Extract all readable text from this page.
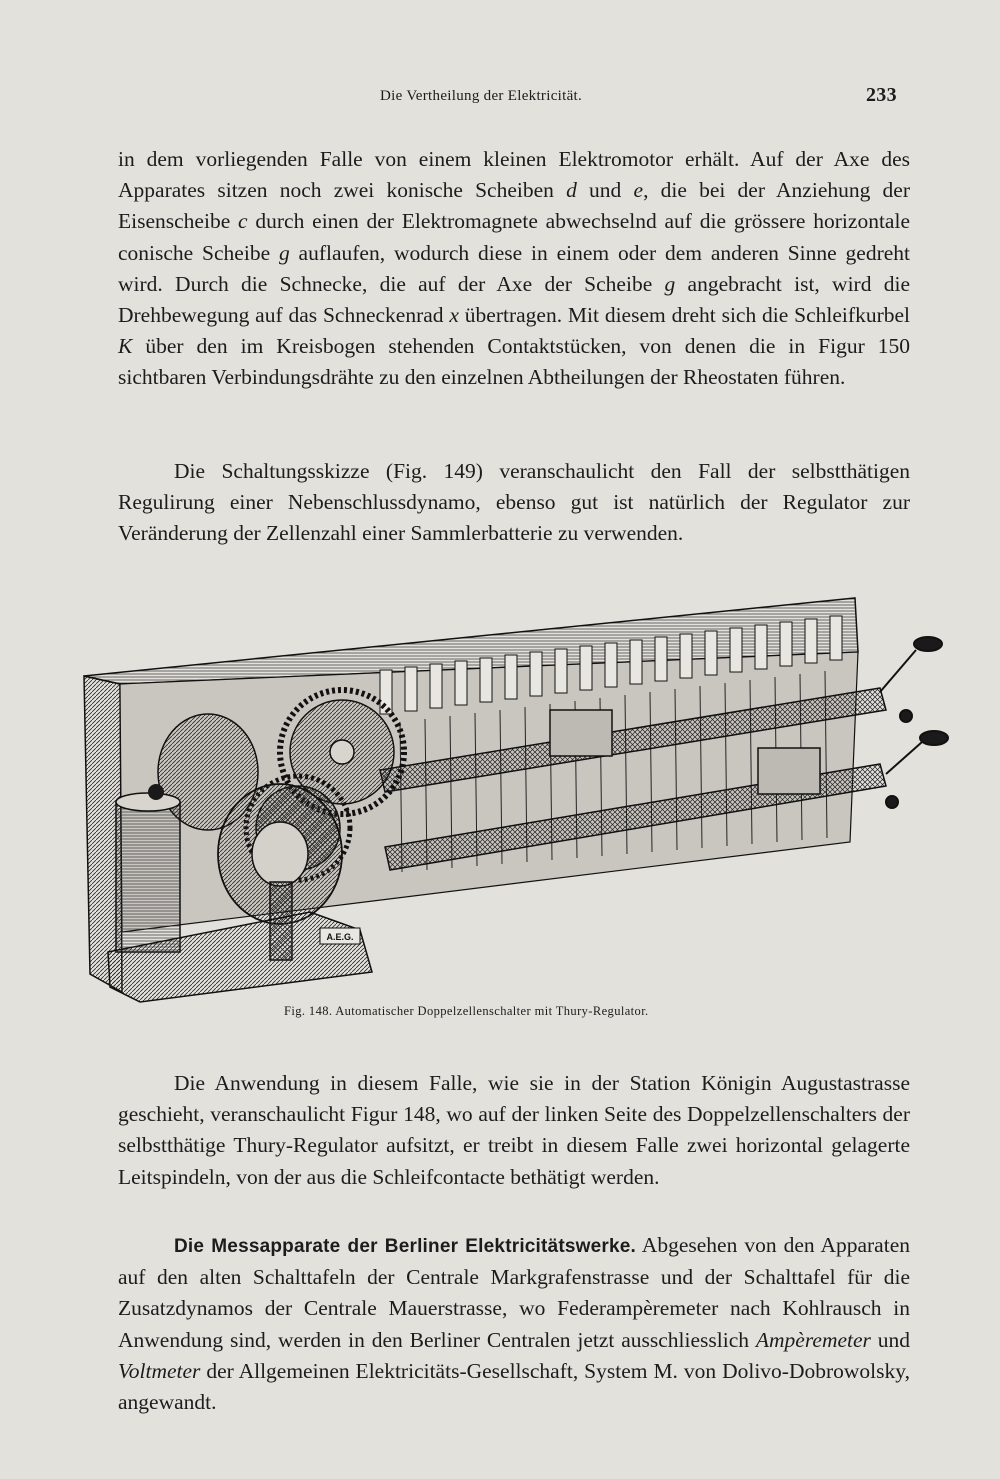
Die Vertheilung der Elektricität.	233

in dem vorliegenden Falle von einem kleinen Elektromotor erhält. Auf der Axe des Apparates sitzen noch zwei konische Scheiben d und e, die bei der Anziehung der Eisenscheibe c durch einen der Elektromagnete abwechselnd auf die grössere horizontale conische Scheibe g auflaufen, wodurch diese in einem oder dem anderen Sinne gedreht wird. Durch die Schnecke, die auf der Axe der Scheibe g angebracht ist, wird die Drehbewegung auf das Schneckenrad x übertragen. Mit diesem dreht sich die Schleifkurbel K über den im Kreisbogen stehenden Contaktstücken, von denen die in Figur 150 sichtbaren Verbindungsdrähte zu den einzelnen Abtheilungen der Rheostaten führen.

Die Schaltungsskizze (Fig. 149) veranschaulicht den Fall der selbstthätigen Regulirung einer Nebenschlussdynamo, ebenso gut ist natürlich der Regulator zur Veränderung der Zellenzahl einer Sammlerbatterie zu verwenden.

A.E.G.
Fig. 148. Automatischer Doppelzellenschalter mit Thury-Regulator.

Die Anwendung in diesem Falle, wie sie in der Station Königin Augustastrasse geschieht, veranschaulicht Figur 148, wo auf der linken Seite des Doppelzellenschalters der selbstthätige Thury-Regulator aufsitzt, er treibt in diesem Falle zwei horizontal gelagerte Leitspindeln, von der aus die Schleifcontacte bethätigt werden.

Die Messapparate der Berliner Elektricitätswerke. Abgesehen von den Apparaten auf den alten Schalttafeln der Centrale Markgrafenstrasse und der Schalttafel für die Zusatzdynamos der Centrale Mauerstrasse, wo Federampèremeter nach Kohlrausch in Anwendung sind, werden in den Berliner Centralen jetzt ausschliesslich Ampèremeter und Voltmeter der Allgemeinen Elektricitäts-Gesellschaft, System M. von Dolivo-Dobrowolsky, angewandt.
